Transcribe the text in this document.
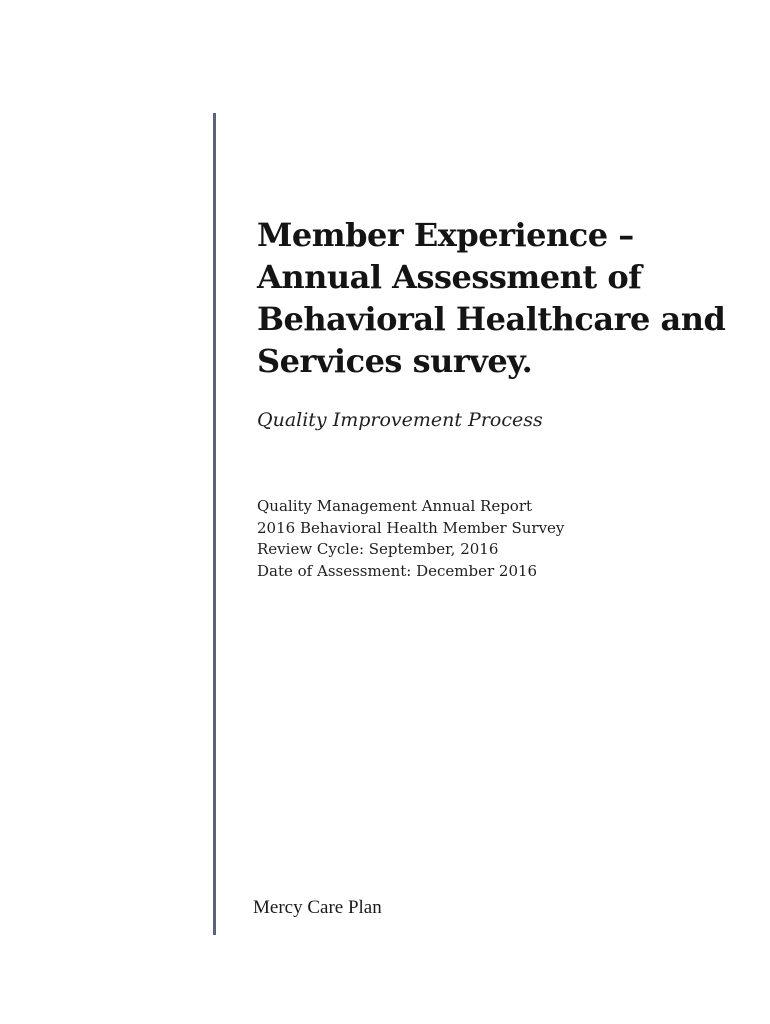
Member Experience –
Annual Assessment of
Behavioral Healthcare and
Services survey.

Quality Improvement Process

Quality Management Annual Report
2016 Behavioral Health Member Survey
Review Cycle: September, 2016
Date of Assessment: December 2016

Mercy Care Plan
